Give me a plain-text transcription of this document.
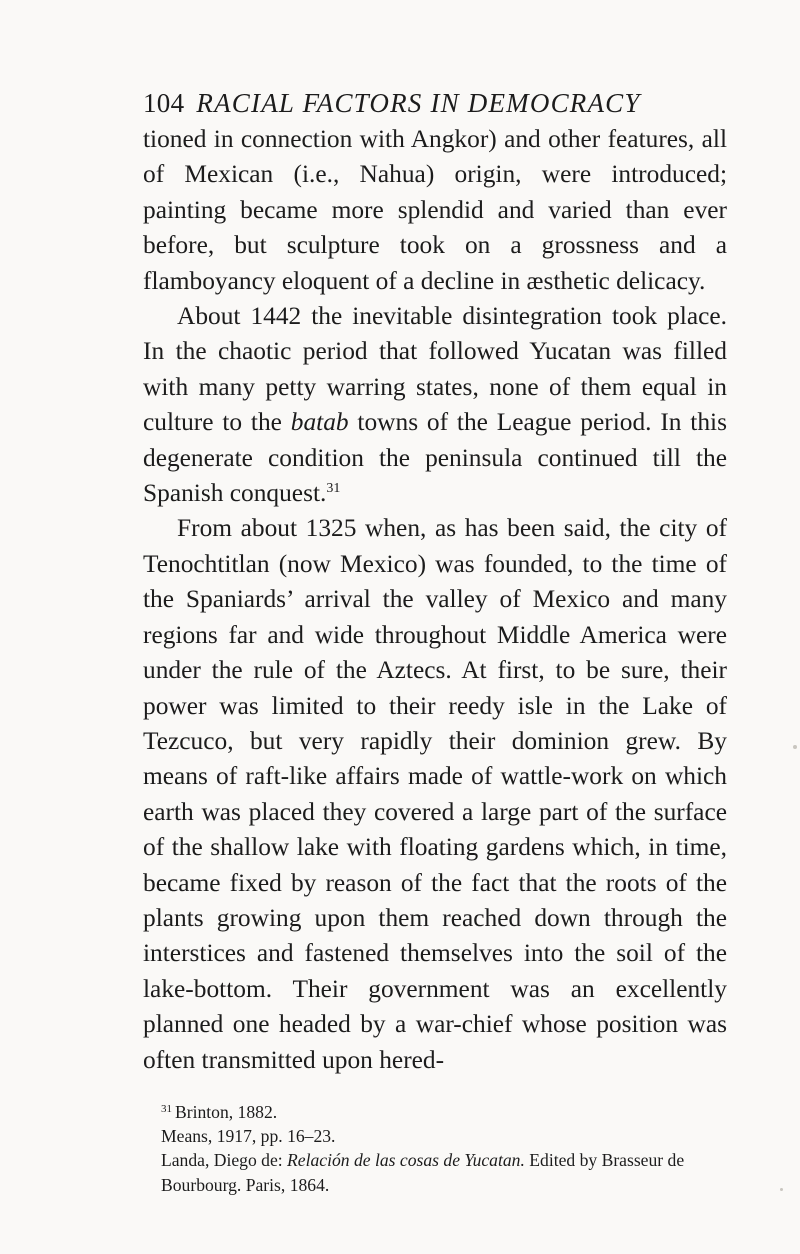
104 RACIAL FACTORS IN DEMOCRACY

tioned in connection with Angkor) and other features, all of Mexican (i.e., Nahua) origin, were introduced; painting became more splendid and varied than ever before, but sculpture took on a grossness and a flamboyancy eloquent of a decline in æsthetic delicacy.

About 1442 the inevitable disintegration took place. In the chaotic period that followed Yucatan was filled with many petty warring states, none of them equal in culture to the batab towns of the League period. In this degenerate condition the peninsula continued till the Spanish conquest.$^{31}$

From about 1325 when, as has been said, the city of Tenochtitlan (now Mexico) was founded, to the time of the Spaniards’ arrival the valley of Mexico and many regions far and wide throughout Middle America were under the rule of the Aztecs. At first, to be sure, their power was limited to their reedy isle in the Lake of Tezcuco, but very rapidly their dominion grew. By means of raft-like affairs made of wattle-work on which earth was placed they covered a large part of the surface of the shallow lake with floating gardens which, in time, became fixed by reason of the fact that the roots of the plants growing upon them reached down through the interstices and fastened themselves into the soil of the lake-bottom. Their government was an excellently planned one headed by a war-chief whose position was often transmitted upon hered-

$^{31}$ Brinton, 1882.
Means, 1917, pp. 16–23.
Landa, Diego de: Relación de las cosas de Yucatan. Edited by Brasseur de Bourbourg. Paris, 1864.
